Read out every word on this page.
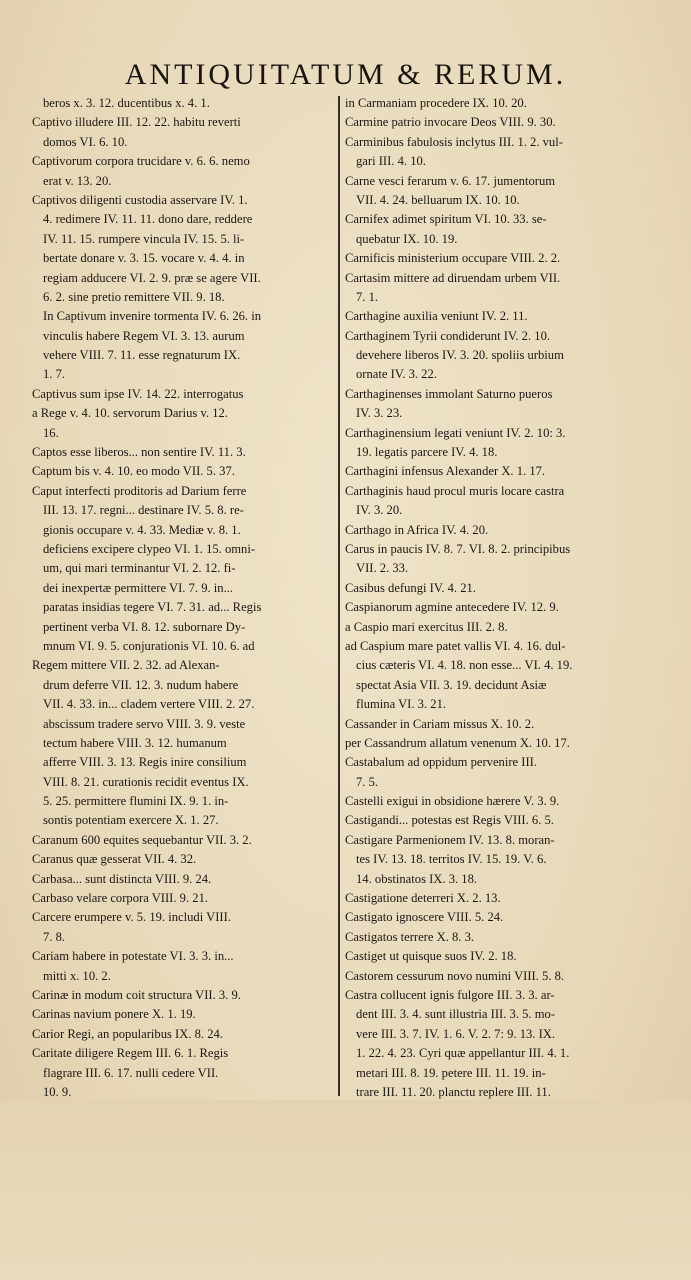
ANTIQUITATUM & RERUM.
beros x. 3. 12. ducentibus x. 4. 1.
Captivo illudere III. 12. 22. habitu reverti
domos VI. 6. 10.
Captivorum corpora trucidare v. 6. 6. nemo
erat v. 13. 20.
Captivos diligenti custodia asservare IV. 1.
4. redimere IV. 11. 11. dono dare, reddere
IV. 11. 15. rumpere vincula IV. 15. 5. li-
bertate donare v. 3. 15. vocare v. 4. 4. in
regiam adducere VI. 2. 9. præ se agere VII.
6. 2. sine pretio remittere VII. 9. 18.
In Captivum invenire tormenta IV. 6. 26. in
vinculis habere Regem VI. 3. 13. aurum
vehere VIII. 7. 11. esse regnaturum IX.
1. 7.
Captivus sum ipse IV. 14. 22. interrogatus
a Rege v. 4. 10. servorum Darius v. 12.
16.
Captos esse liberos... non sentire IV. 11. 3.
Captum bis v. 4. 10. eo modo VII. 5. 37.
Caput interfecti proditoris ad Darium ferre
III. 13. 17. regni... destinare IV. 5. 8. re-
gionis occupare v. 4. 33. Mediæ v. 8. 1.
deficiens excipere clypeo VI. 1. 15. omni-
um, qui mari terminantur VI. 2. 12. fi-
dei inexpertæ permittere VI. 7. 9. in...
paratas insidias tegere VI. 7. 31. ad... Regis
pertinent verba VI. 8. 12. subornare Dy-
mnum VI. 9. 5. conjurationis VI. 10. 6. ad
Regem mittere VII. 2. 32. ad Alexan-
drum deferre VII. 12. 3. nudum habere
VII. 4. 33. in... cladem vertere VIII. 2. 27.
abscissum tradere servo VIII. 3. 9. veste
tectum habere VIII. 3. 12. humanum
afferre VIII. 3. 13. Regis inire consilium
VIII. 8. 21. curationis recidit eventus IX.
5. 25. permittere flumini IX. 9. 1. in-
sontis potentiam exercere X. 1. 27.
Caranum 600 equites sequebantur VII. 3. 2.
Caranus quæ gesserat VII. 4. 32.
Carbasa... sunt distincta VIII. 9. 24.
Carbaso velare corpora VIII. 9. 21.
Carcere erumpere v. 5. 19. includi VIII.
7. 8.
Cariam habere in potestate VI. 3. 3. in...
mitti x. 10. 2.
Carinæ in modum coit structura VII. 3. 9.
Carinas navium ponere X. 1. 19.
Carior Regi, an popularibus IX. 8. 24.
Caritate diligere Regem III. 6. 1. Regis
flagrare III. 6. 17. nulli cedere VII.
10. 9.
in Carmaniam procedere IX. 10. 20.
Carmine patrio invocare Deos VIII. 9. 30.
Carminibus fabulosis inclytus III. 1. 2. vul-
gari III. 4. 10.
Carne vesci ferarum v. 6. 17. jumentorum
VII. 4. 24. belluarum IX. 10. 10.
Carnifex adimet spiritum VI. 10. 33. se-
quebatur IX. 10. 19.
Carnificis ministerium occupare VIII. 2. 2.
Cartasim mittere ad diruendam urbem VII.
7. 1.
Carthagine auxilia veniunt IV. 2. 11.
Carthaginem Tyrii condiderunt IV. 2. 10.
devehere liberos IV. 3. 20. spoliis urbium
ornate IV. 3. 22.
Carthaginenses immolant Saturno pueros
IV. 3. 23.
Carthaginensium legati veniunt IV. 2. 10: 3.
19. legatis parcere IV. 4. 18.
Carthagini infensus Alexander X. 1. 17.
Carthaginis haud procul muris locare castra
IV. 3. 20.
Carthago in Africa IV. 4. 20.
Carus in paucis IV. 8. 7. VI. 8. 2. principibus
VII. 2. 33.
Casibus defungi IV. 4. 21.
Caspianorum agmine antecedere IV. 12. 9.
a Caspio mari exercitus III. 2. 8.
ad Caspium mare patet vallis VI. 4. 16. dul-
cius cæteris VI. 4. 18. non esse... VI. 4. 19.
spectat Asia VII. 3. 19. decidunt Asiæ
flumina VI. 3. 21.
Cassander in Cariam missus X. 10. 2.
per Cassandrum allatum venenum X. 10. 17.
Castabalum ad oppidum pervenire III.
7. 5.
Castelli exigui in obsidione hærere V. 3. 9.
Castigandi... potestas est Regis VIII. 6. 5.
Castigare Parmenionem IV. 13. 8. moran-
tes IV. 13. 18. territos IV. 15. 19. V. 6.
14. obstinatos IX. 3. 18.
Castigatione deterreri X. 2. 13.
Castigato ignoscere VIII. 5. 24.
Castigatos terrere X. 8. 3.
Castiget ut quisque suos IV. 2. 18.
Castorem cessurum novo numini VIII. 5. 8.
Castra collucent ignis fulgore III. 3. 3. ar-
dent III. 3. 4. sunt illustria III. 3. 5. mo-
vere III. 3. 7. IV. 1. 6. V. 2. 7: 9. 13. IX.
1. 22. 4. 23. Cyri quæ appellantur III. 4. 1.
metari III. 8. 19. petere III. 11. 19. in-
trare III. 11. 20. planctu replere III. 11.
